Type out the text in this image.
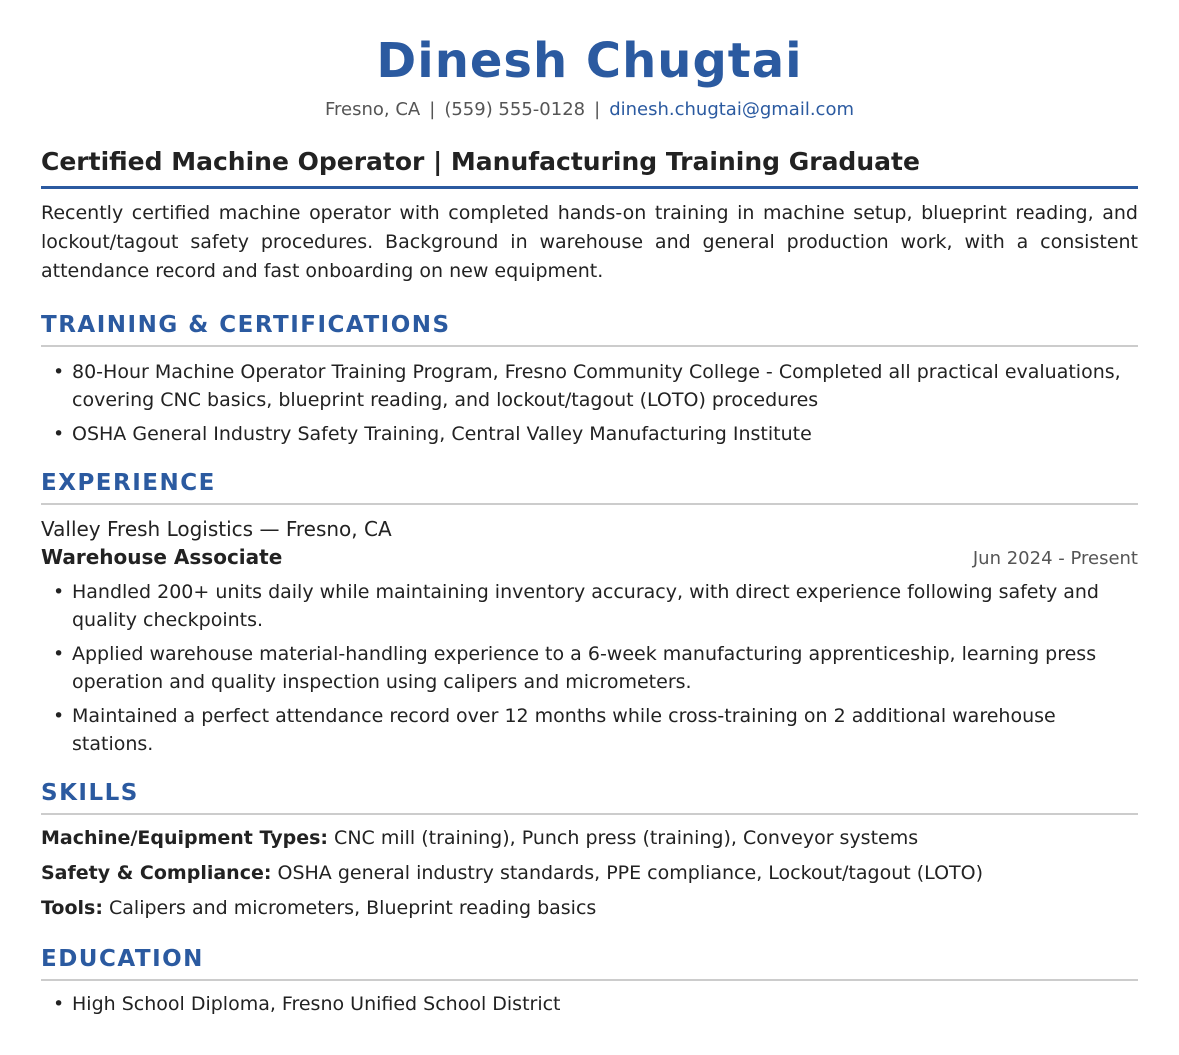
Dinesh Chugtai
Fresno, CA | (559) 555-0128 | dinesh.chugtai@gmail.com
Certified Machine Operator | Manufacturing Training Graduate
Recently certified machine operator with completed hands-on training in machine setup, blueprint reading, and lockout/tagout safety procedures. Background in warehouse and general production work, with a consistent attendance record and fast onboarding on new equipment.
TRAINING & CERTIFICATIONS
• 80-Hour Machine Operator Training Program, Fresno Community College - Completed all practical evaluations, covering CNC basics, blueprint reading, and lockout/tagout (LOTO) procedures
• OSHA General Industry Safety Training, Central Valley Manufacturing Institute
EXPERIENCE
Valley Fresh Logistics — Fresno, CA
Warehouse Associate	Jun 2024 - Present
• Handled 200+ units daily while maintaining inventory accuracy, with direct experience following safety and quality checkpoints.
• Applied warehouse material-handling experience to a 6-week manufacturing apprenticeship, learning press operation and quality inspection using calipers and micrometers.
• Maintained a perfect attendance record over 12 months while cross-training on 2 additional warehouse stations.
SKILLS
Machine/Equipment Types: CNC mill (training), Punch press (training), Conveyor systems
Safety & Compliance: OSHA general industry standards, PPE compliance, Lockout/tagout (LOTO)
Tools: Calipers and micrometers, Blueprint reading basics
EDUCATION
• High School Diploma, Fresno Unified School District
